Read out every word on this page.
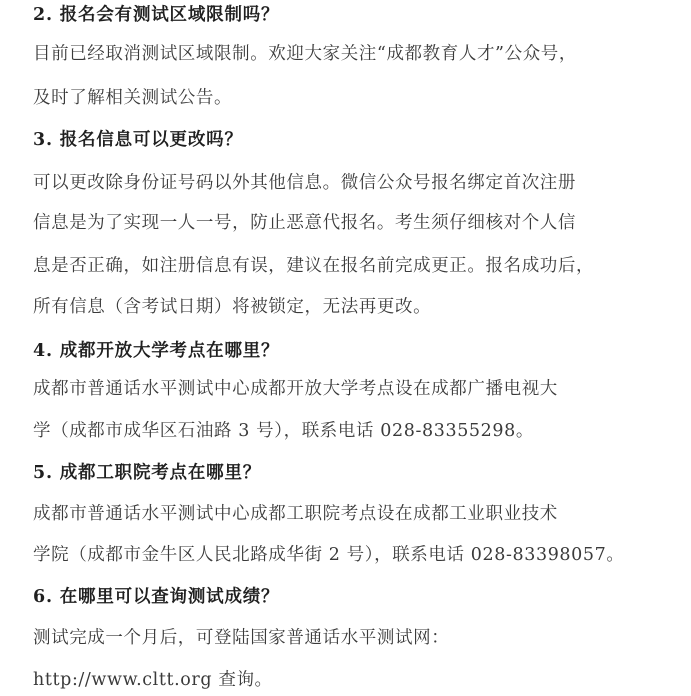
2. 报名会有测试区域限制吗？
目前已经取消测试区域限制。欢迎大家关注“成都教育人才”公众号，
及时了解相关测试公告。
3. 报名信息可以更改吗？
可以更改除身份证号码以外其他信息。微信公众号报名绑定首次注册
信息是为了实现一人一号，防止恶意代报名。考生须仔细核对个人信
息是否正确，如注册信息有误，建议在报名前完成更正。报名成功后，
所有信息（含考试日期）将被锁定，无法再更改。
4. 成都开放大学考点在哪里？
成都市普通话水平测试中心成都开放大学考点设在成都广播电视大
学（成都市成华区石油路 3 号），联系电话 028-83355298。
5. 成都工职院考点在哪里？
成都市普通话水平测试中心成都工职院考点设在成都工业职业技术
学院（成都市金牛区人民北路成华街 2 号），联系电话 028-83398057。
6. 在哪里可以查询测试成绩？
测试完成一个月后，可登陆国家普通话水平测试网：
http://www.cltt.org 查询。
